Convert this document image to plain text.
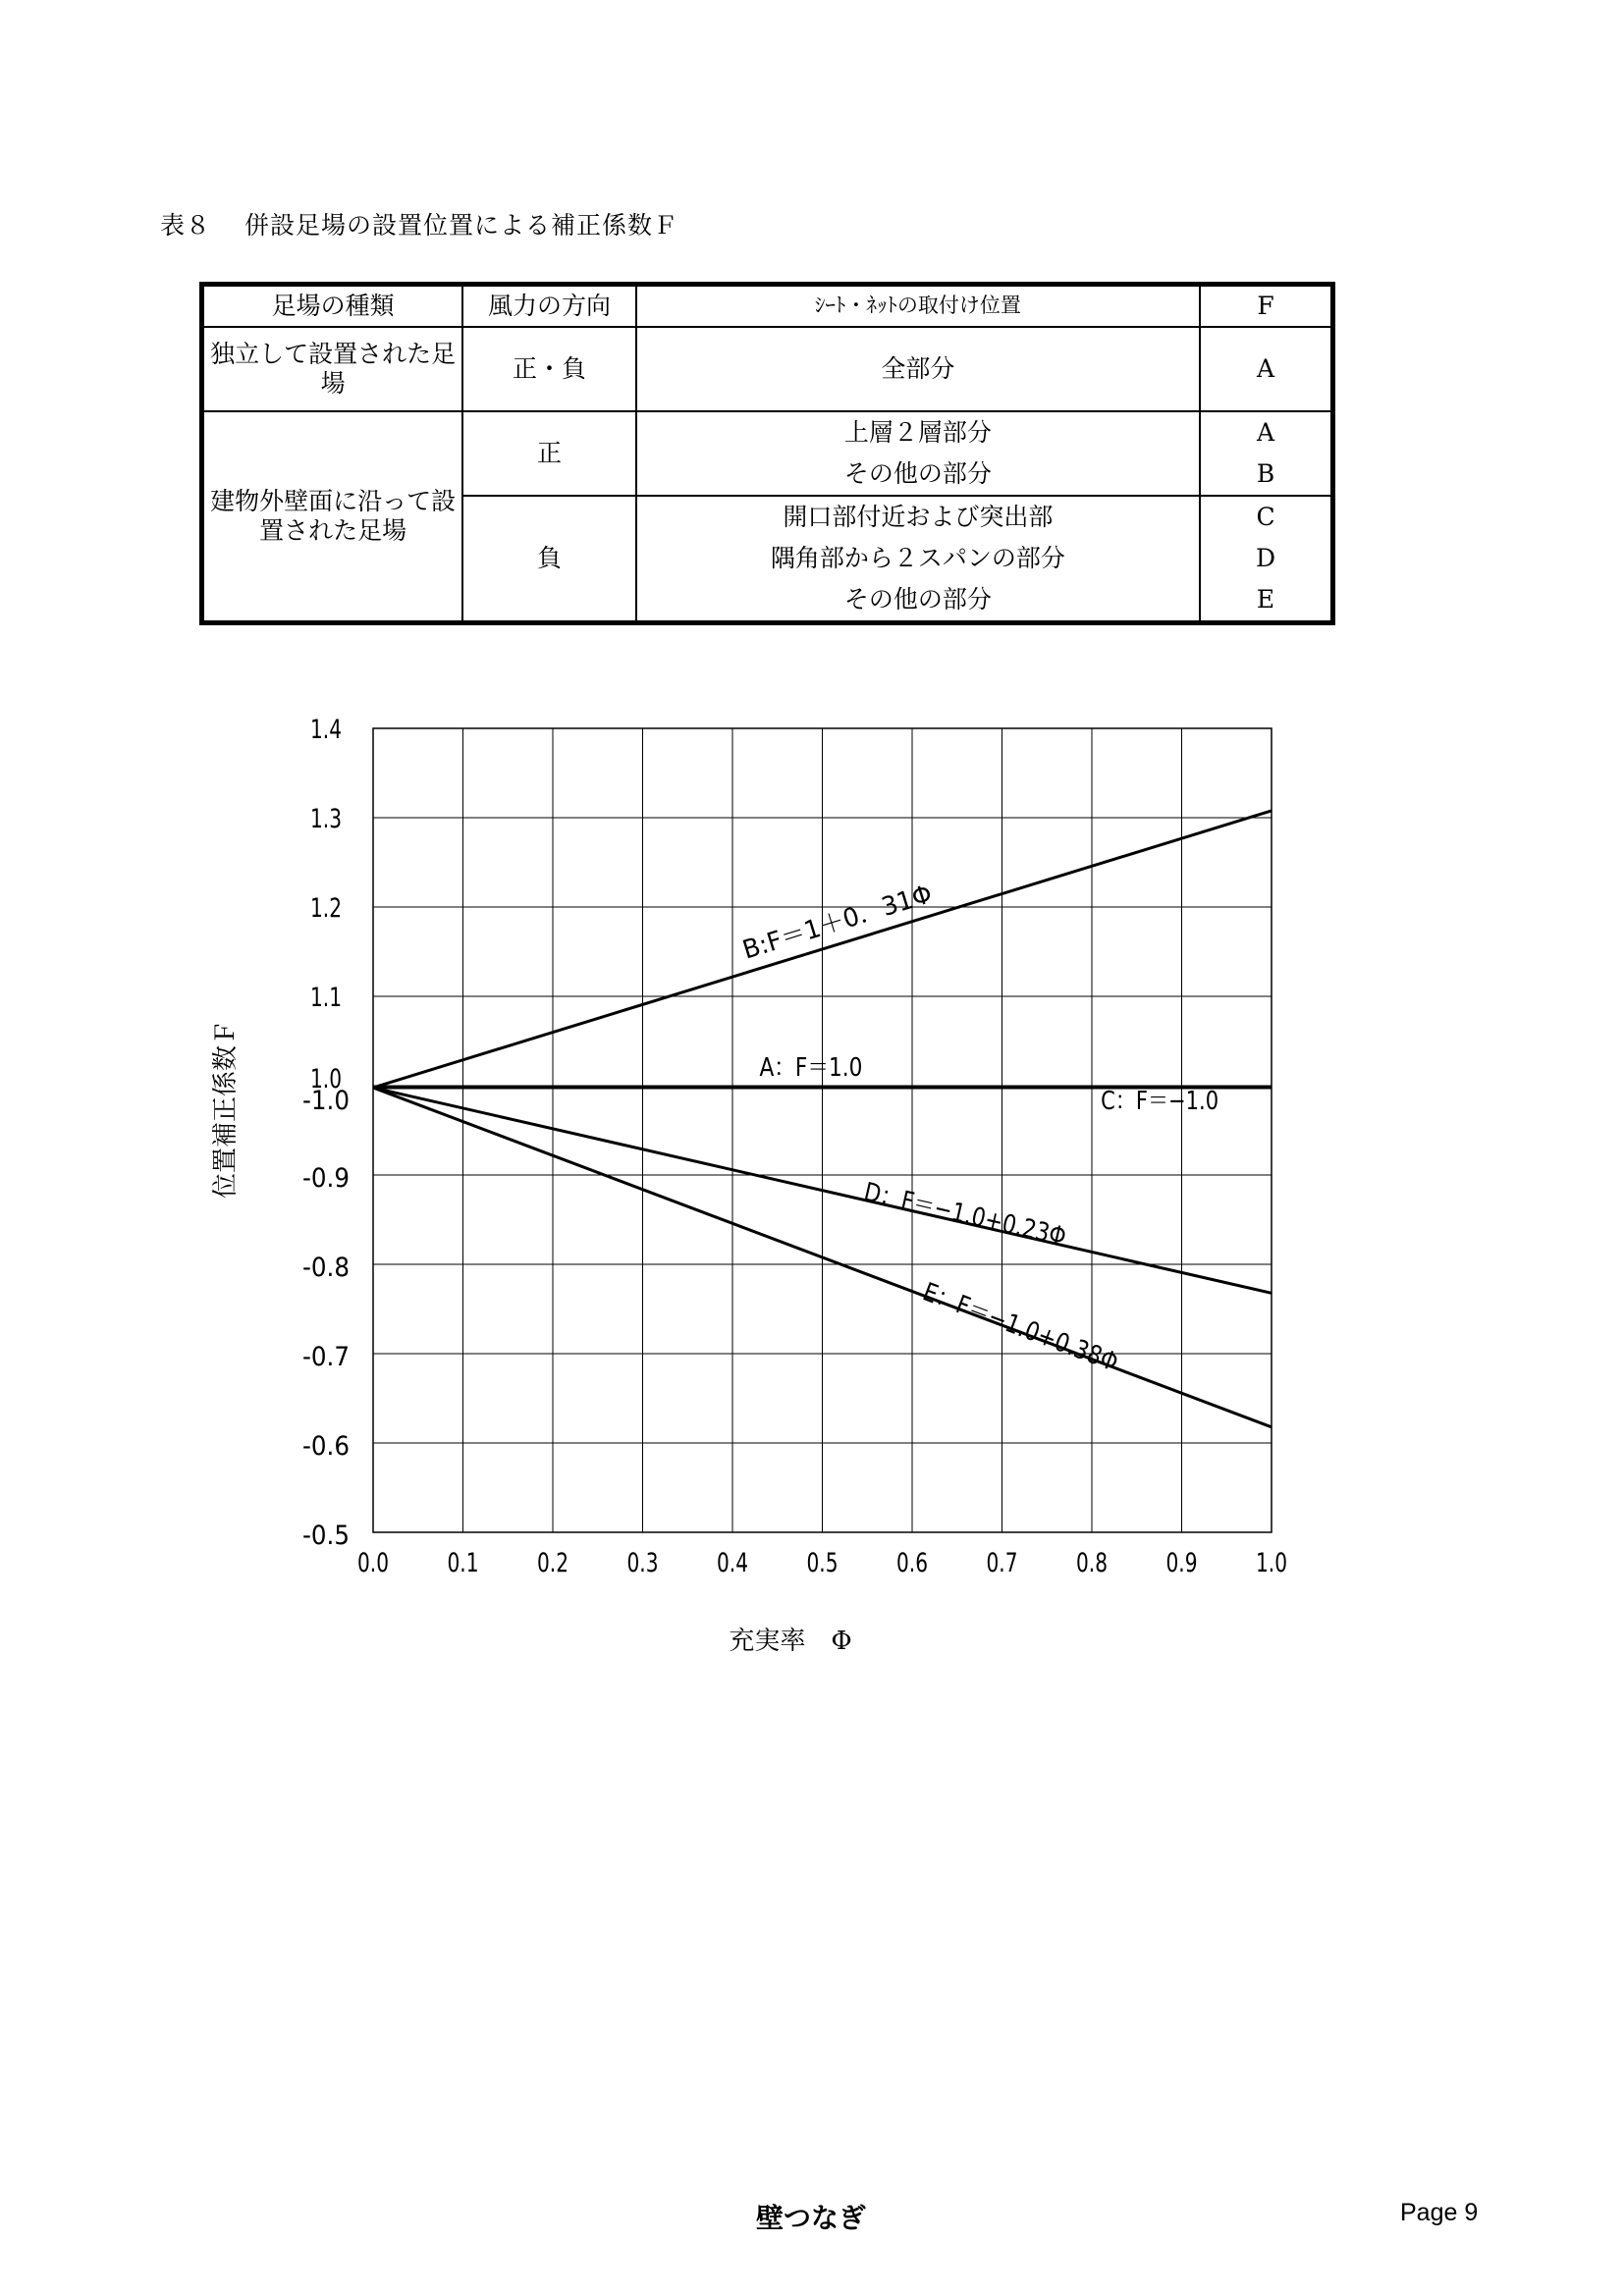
表８ 併設足場の設置位置による補正係数Ｆ
足場の種類	風力の方向	ｼｰﾄ・ﾈｯﾄの取付け位置	F
独立して設置された足場	正・負	全部分	A
建物外壁面に沿って設置された足場	正	上層２層部分	A
		その他の部分	B
	負	開口部付近および突出部	C
		隅角部から２スパンの部分	D
		その他の部分	E
0.0 0.1 0.2 0.3 0.4 0.5 0.6 0.7 0.8 0.9 1.0
1.4
1.3
1.2
1.1
1.0
-1.0
-0.9
-0.8
-0.7
-0.6
-0.5
B:F＝1＋0．31Φ
A：F＝1.0
C：F＝−1.0
D：F＝−1.0+0.23Φ
E：F＝−1.0+0.38Φ
充実率　Φ
位置補正係数Ｆ
壁つなぎ	Page 9
